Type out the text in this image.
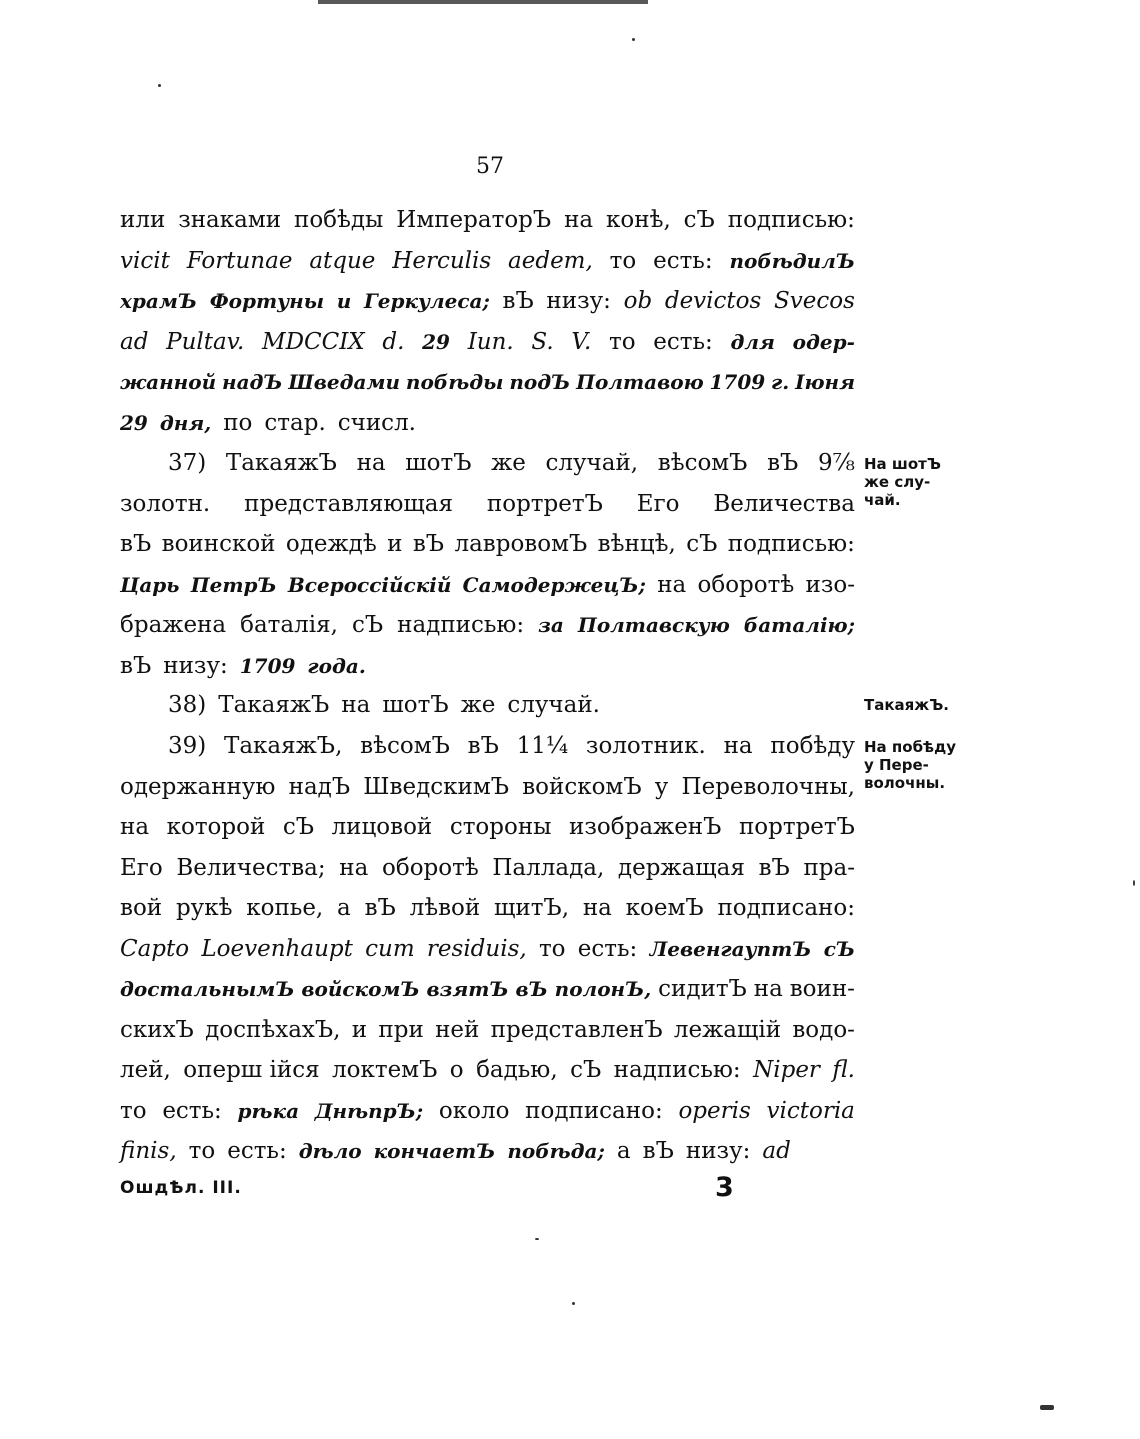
57
или знаками побѣды ИмператорЪ на конѣ, сЪ подписью:
vicit Fortunae atque Herculis aedem, то есть: побѣдилЪ
храмЪ Фортуны и Геркулеса; вЪ низу: ob devictos Svecos
ad Pultav. MDCCIX d. 29 Iun. S. V. то есть: для одер-
жанной надЪ Шведами побѣды подЪ Полтавою 1709 г. Іюня
29 дня, по стар. счисл.
37) ТакаяжЪ на шотЪ же случай, вѣсомЪ вЪ 9⅞
золотн. представляющая портретЪ Его Величества
вЪ воинской одеждѣ и вЪ лавровомЪ вѣнцѣ, сЪ подписью:
Царь ПетрЪ Всероссійскій СамодержецЪ; на оборотѣ изо-
бражена баталія, сЪ надписью: за Полтавскую баталію;
вЪ низу: 1709 года.
38) ТакаяжЪ на шотЪ же случай.
39) ТакаяжЪ, вѣсомЪ вЪ 11¼ золотник. на побѣду
одержанную надЪ ШведскимЪ войскомЪ у Переволочны,
на которой сЪ лицовой стороны изображенЪ портретЪ
Его Величества; на оборотѣ Паллада, держащая вЪ пра-
вой рукѣ копье, а вЪ лѣвой щитЪ, на коемЪ подписано:
Capto Loevenhaupt cum residuis, то есть: ЛевенгауптЪ сЪ
достальнымЪ войскомЪ взятЪ вЪ полонЪ, сидитЪ на воин-
скихЪ доспѣхахЪ, и при ней представленЪ лежащій водо-
лей, оперш ійся локтемЪ о бадью, сЪ надписью: Niper fl.
то есть: рѣка ДнѣпрЪ; около подписано: operis victoria
finis, то есть: дѣло кончаетЪ побѣда; а вЪ низу: ad
На шотЪ
же слу-
чай.
ТакаяжЪ.
На побѣду
у Пере-
волочны.
ОшдѢл. III.	3
